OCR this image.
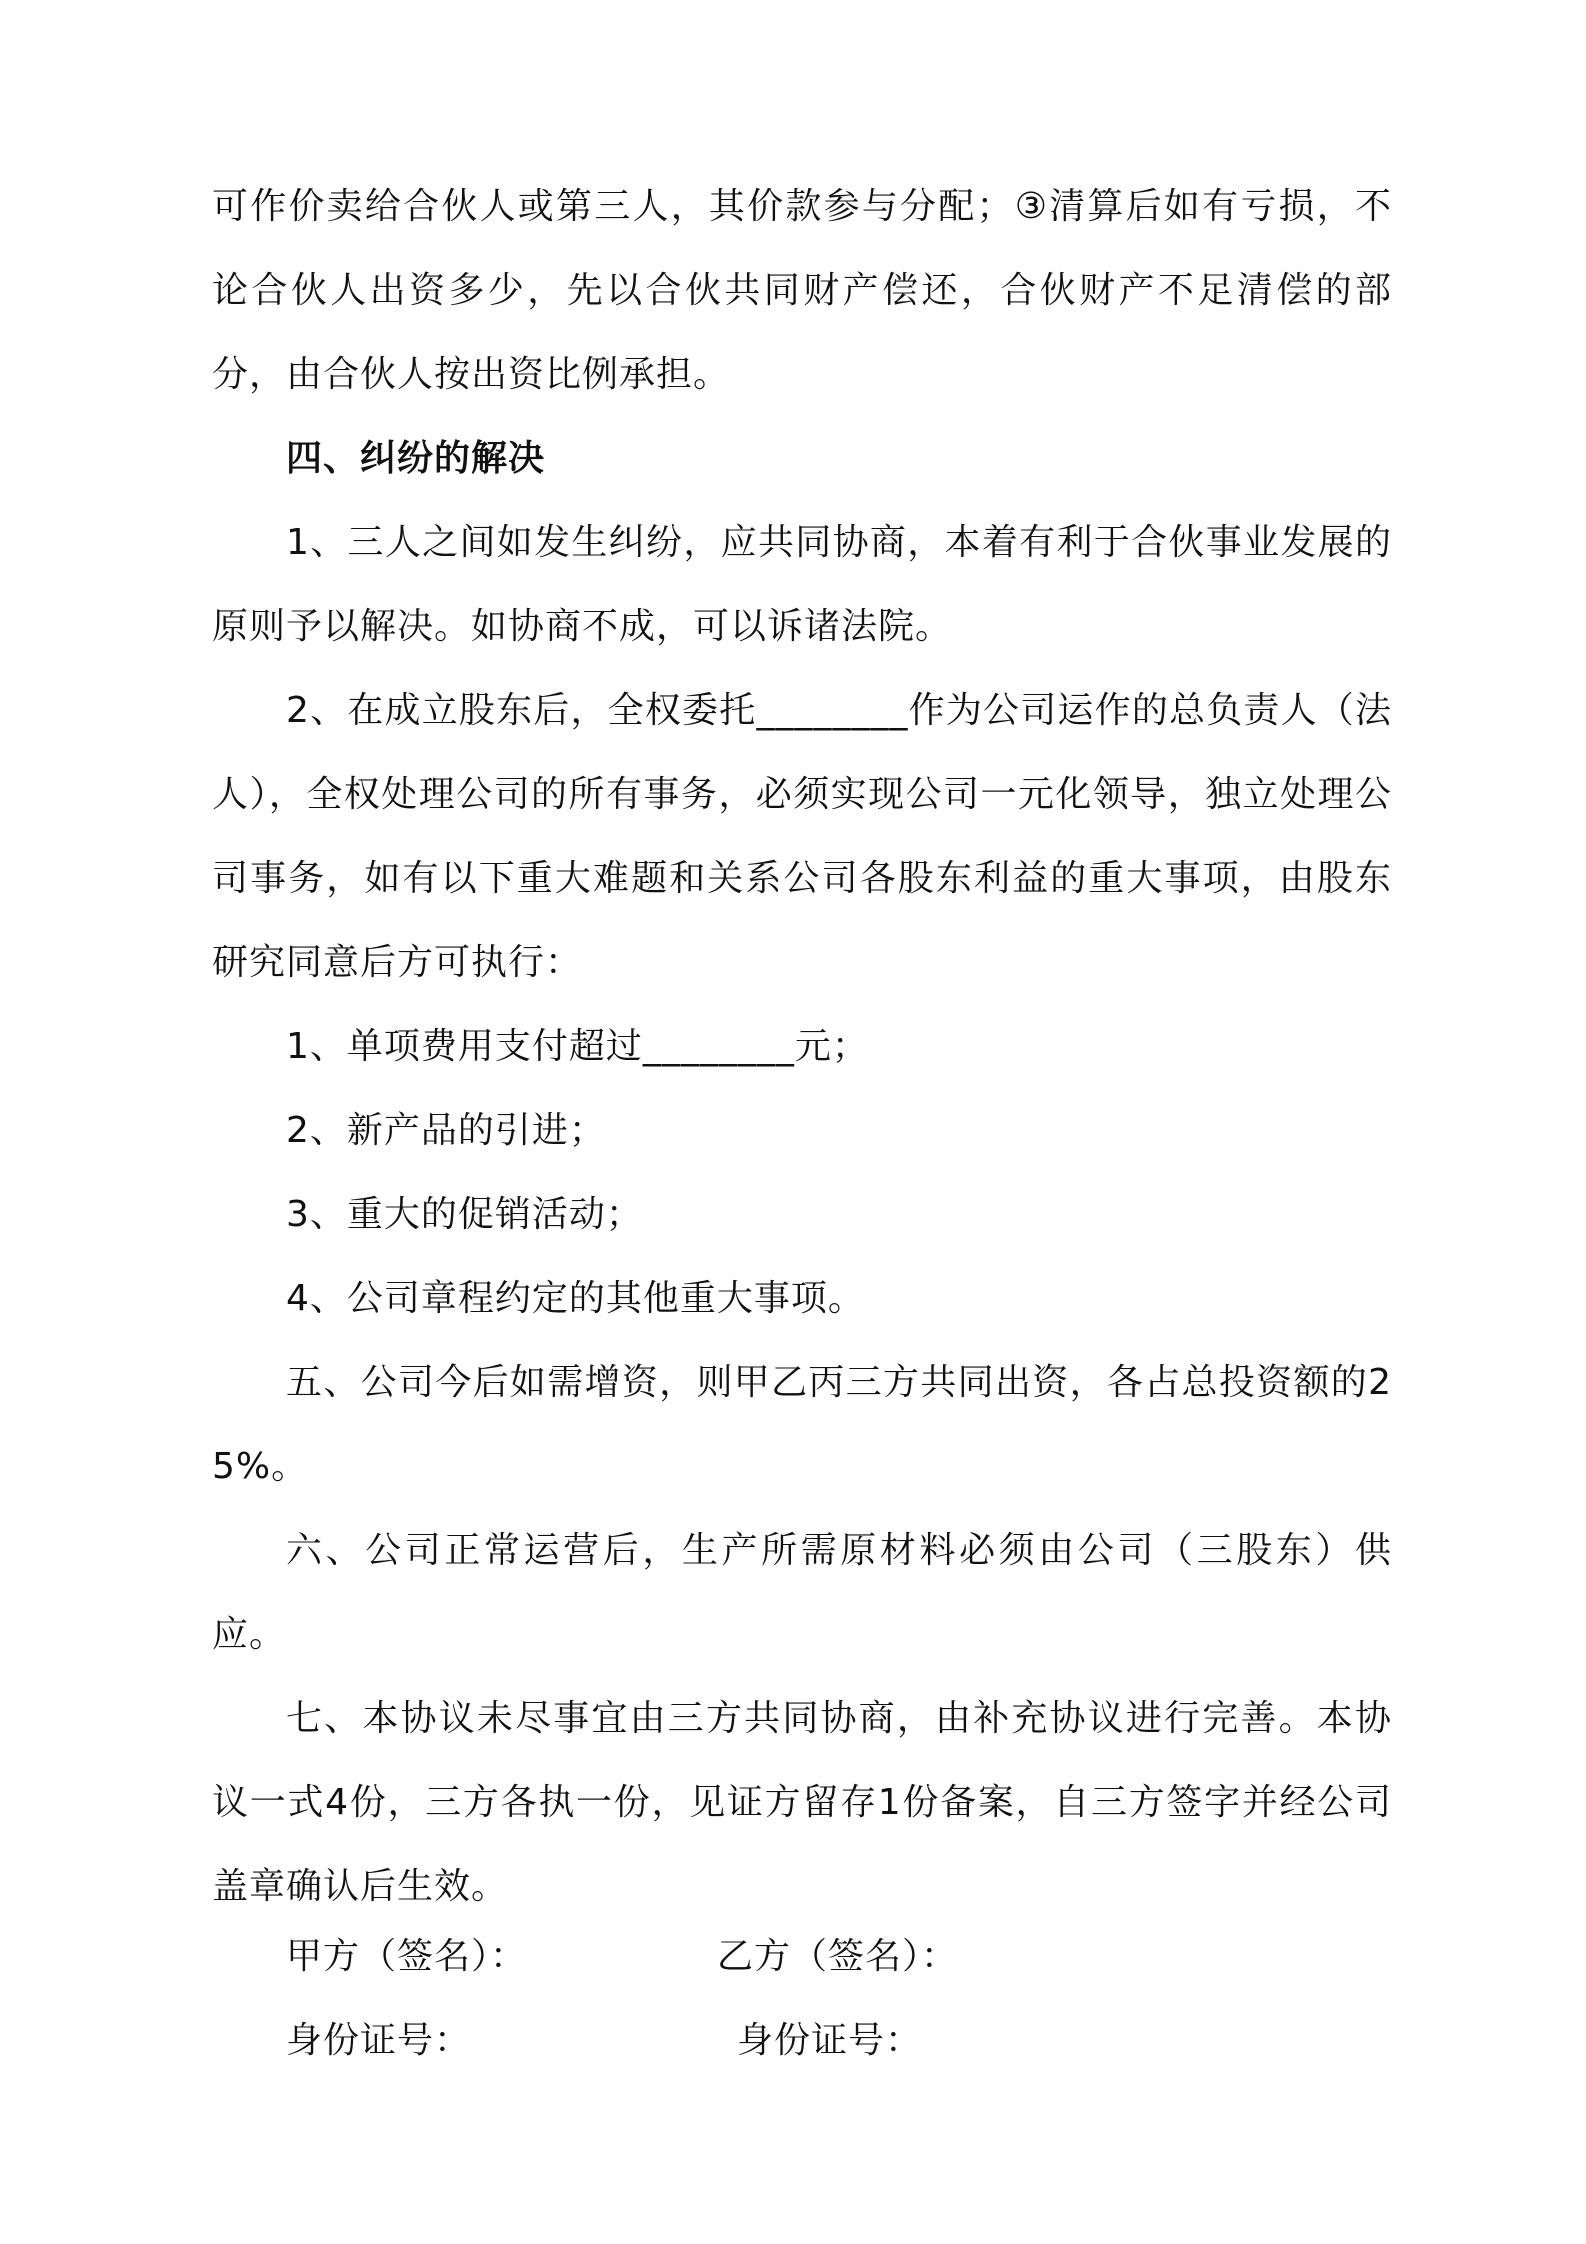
可作价卖给合伙人或第三人，其价款参与分配；③清算后如有亏损，不论合伙人出资多少，先以合伙共同财产偿还，合伙财产不足清偿的部分，由合伙人按出资比例承担。

四、纠纷的解决

1、三人之间如发生纠纷，应共同协商，本着有利于合伙事业发展的原则予以解决。如协商不成，可以诉诸法院。

2、在成立股东后，全权委托________作为公司运作的总负责人（法人），全权处理公司的所有事务，必须实现公司一元化领导，独立处理公司事务，如有以下重大难题和关系公司各股东利益的重大事项，由股东研究同意后方可执行：

1、单项费用支付超过________元；

2、新产品的引进；

3、重大的促销活动；

4、公司章程约定的其他重大事项。

五、公司今后如需增资，则甲乙丙三方共同出资，各占总投资额的25%。

六、公司正常运营后，生产所需原材料必须由公司（三股东）供应。

七、本协议未尽事宜由三方共同协商，由补充协议进行完善。本协议一式4份，三方各执一份，见证方留存1份备案，自三方签字并经公司盖章确认后生效。

甲方（签名）：	乙方（签名）：
身份证号：	身份证号：
